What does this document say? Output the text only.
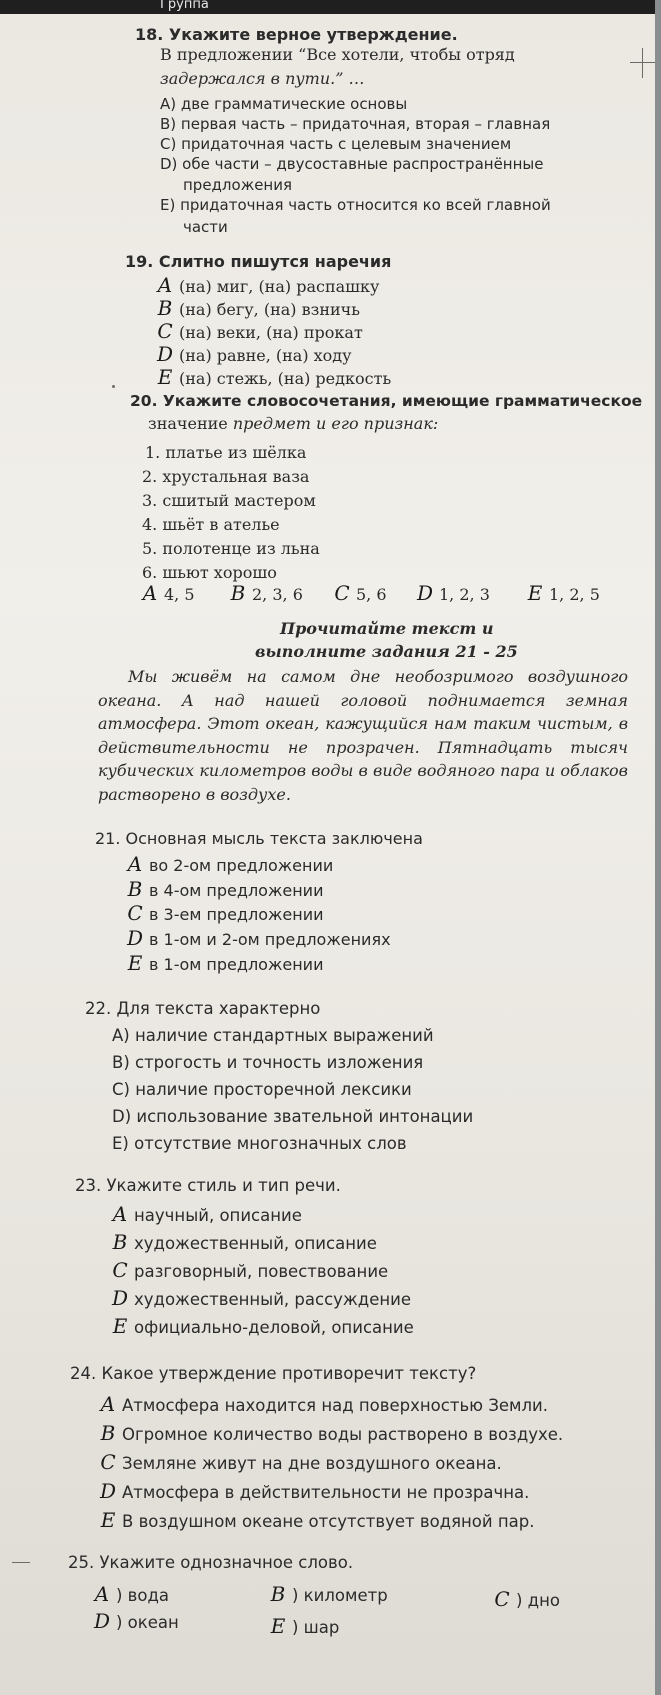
Группа
18. Укажите верное утверждение.
В предложении “Все хотели, чтобы отряд
задержался в пути.” …
A) две грамматические основы
B) первая часть – придаточная, вторая – главная
C) придаточная часть с целевым значением
D) обе части – двусоставные распространённые
предложения
E) придаточная часть относится ко всей главной
части
19. Слитно пишутся наречия
А (на) миг, (на) распашку
В (на) бегу, (на) взничь
С (на) веки, (на) прокат
D (на) равне, (на) ходу
Е (на) стежь, (на) редкость
20. Укажите словосочетания, имеющие грамматическое
значение предмет и его признак:
1. платье из шёлка
2. хрустальная ваза
3. сшитый мастером
4. шьёт в ателье
5. полотенце из льна
6. шьют хорошо
А 4, 5 В 2, 3, 6 С 5, 6 D 1, 2, 3 Е 1, 2, 5
Прочитайте текст и
выполните задания 21 - 25
Мы живём на самом дне необозримого воздушного океана. А над нашей головой поднимается земная атмосфера. Этот океан, кажущийся нам таким чистым, в действительности не прозрачен. Пятнадцать тысяч кубических километров воды в виде водяного пара и облаков растворено в воздухе.
21. Основная мысль текста заключена
А во 2-ом предложении
В в 4-ом предложении
С в 3-ем предложении
D в 1-ом и 2-ом предложениях
Е в 1-ом предложении
22. Для текста характерно
A) наличие стандартных выражений
B) строгость и точность изложения
C) наличие просторечной лексики
D) использование звательной интонации
E) отсутствие многозначных слов
23. Укажите стиль и тип речи.
А научный, описание
В художественный, описание
С разговорный, повествование
D художественный, рассуждение
Е официально-деловой, описание
24. Какое утверждение противоречит тексту?
А Атмосфера находится над поверхностью Земли.
В Огромное количество воды растворено в воздухе.
С Земляне живут на дне воздушного океана.
D Атмосфера в действительности не прозрачна.
Е В воздушном океане отсутствует водяной пар.
25. Укажите однозначное слово.
А ) вода	В ) километр	С ) дно
D ) океан	Е ) шар
